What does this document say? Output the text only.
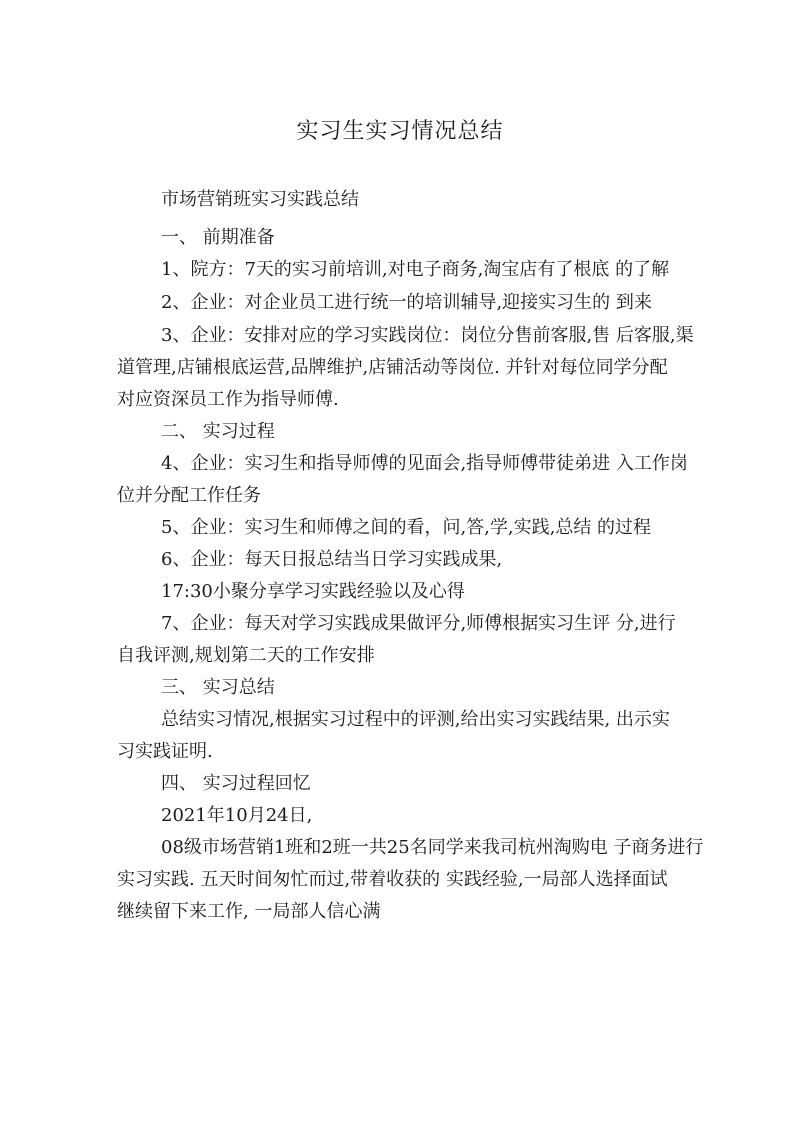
实习生实习情况总结
市场营销班实习实践总结
一、 前期准备
1、院方：7天的实习前培训,对电子商务,淘宝店有了根底 的了解
2、企业：对企业员工进行统一的培训辅导,迎接实习生的 到来
3、企业：安排对应的学习实践岗位：岗位分售前客服,售 后客服,渠
道管理,店铺根底运营,品牌维护,店铺活动等岗位. 并针对每位同学分配
对应资深员工作为指导师傅.
二、 实习过程
4、企业：实习生和指导师傅的见面会,指导师傅带徒弟进 入工作岗
位并分配工作任务
5、企业：实习生和师傅之间的看，问,答,学,实践,总结 的过程
6、企业：每天日报总结当日学习实践成果,
17:30小聚分享学习实践经验以及心得
7、企业：每天对学习实践成果做评分,师傅根据实习生评 分,进行
自我评测,规划第二天的工作安排
三、 实习总结
总结实习情况,根据实习过程中的评测,给出实习实践结果, 出示实
习实践证明.
四、 实习过程回忆
2021年10月24日,
08级市场营销1班和2班一共25名同学来我司杭州淘购电 子商务进行
实习实践. 五天时间匆忙而过,带着收获的 实践经验,一局部人选择面试
继续留下来工作, 一局部人信心满
